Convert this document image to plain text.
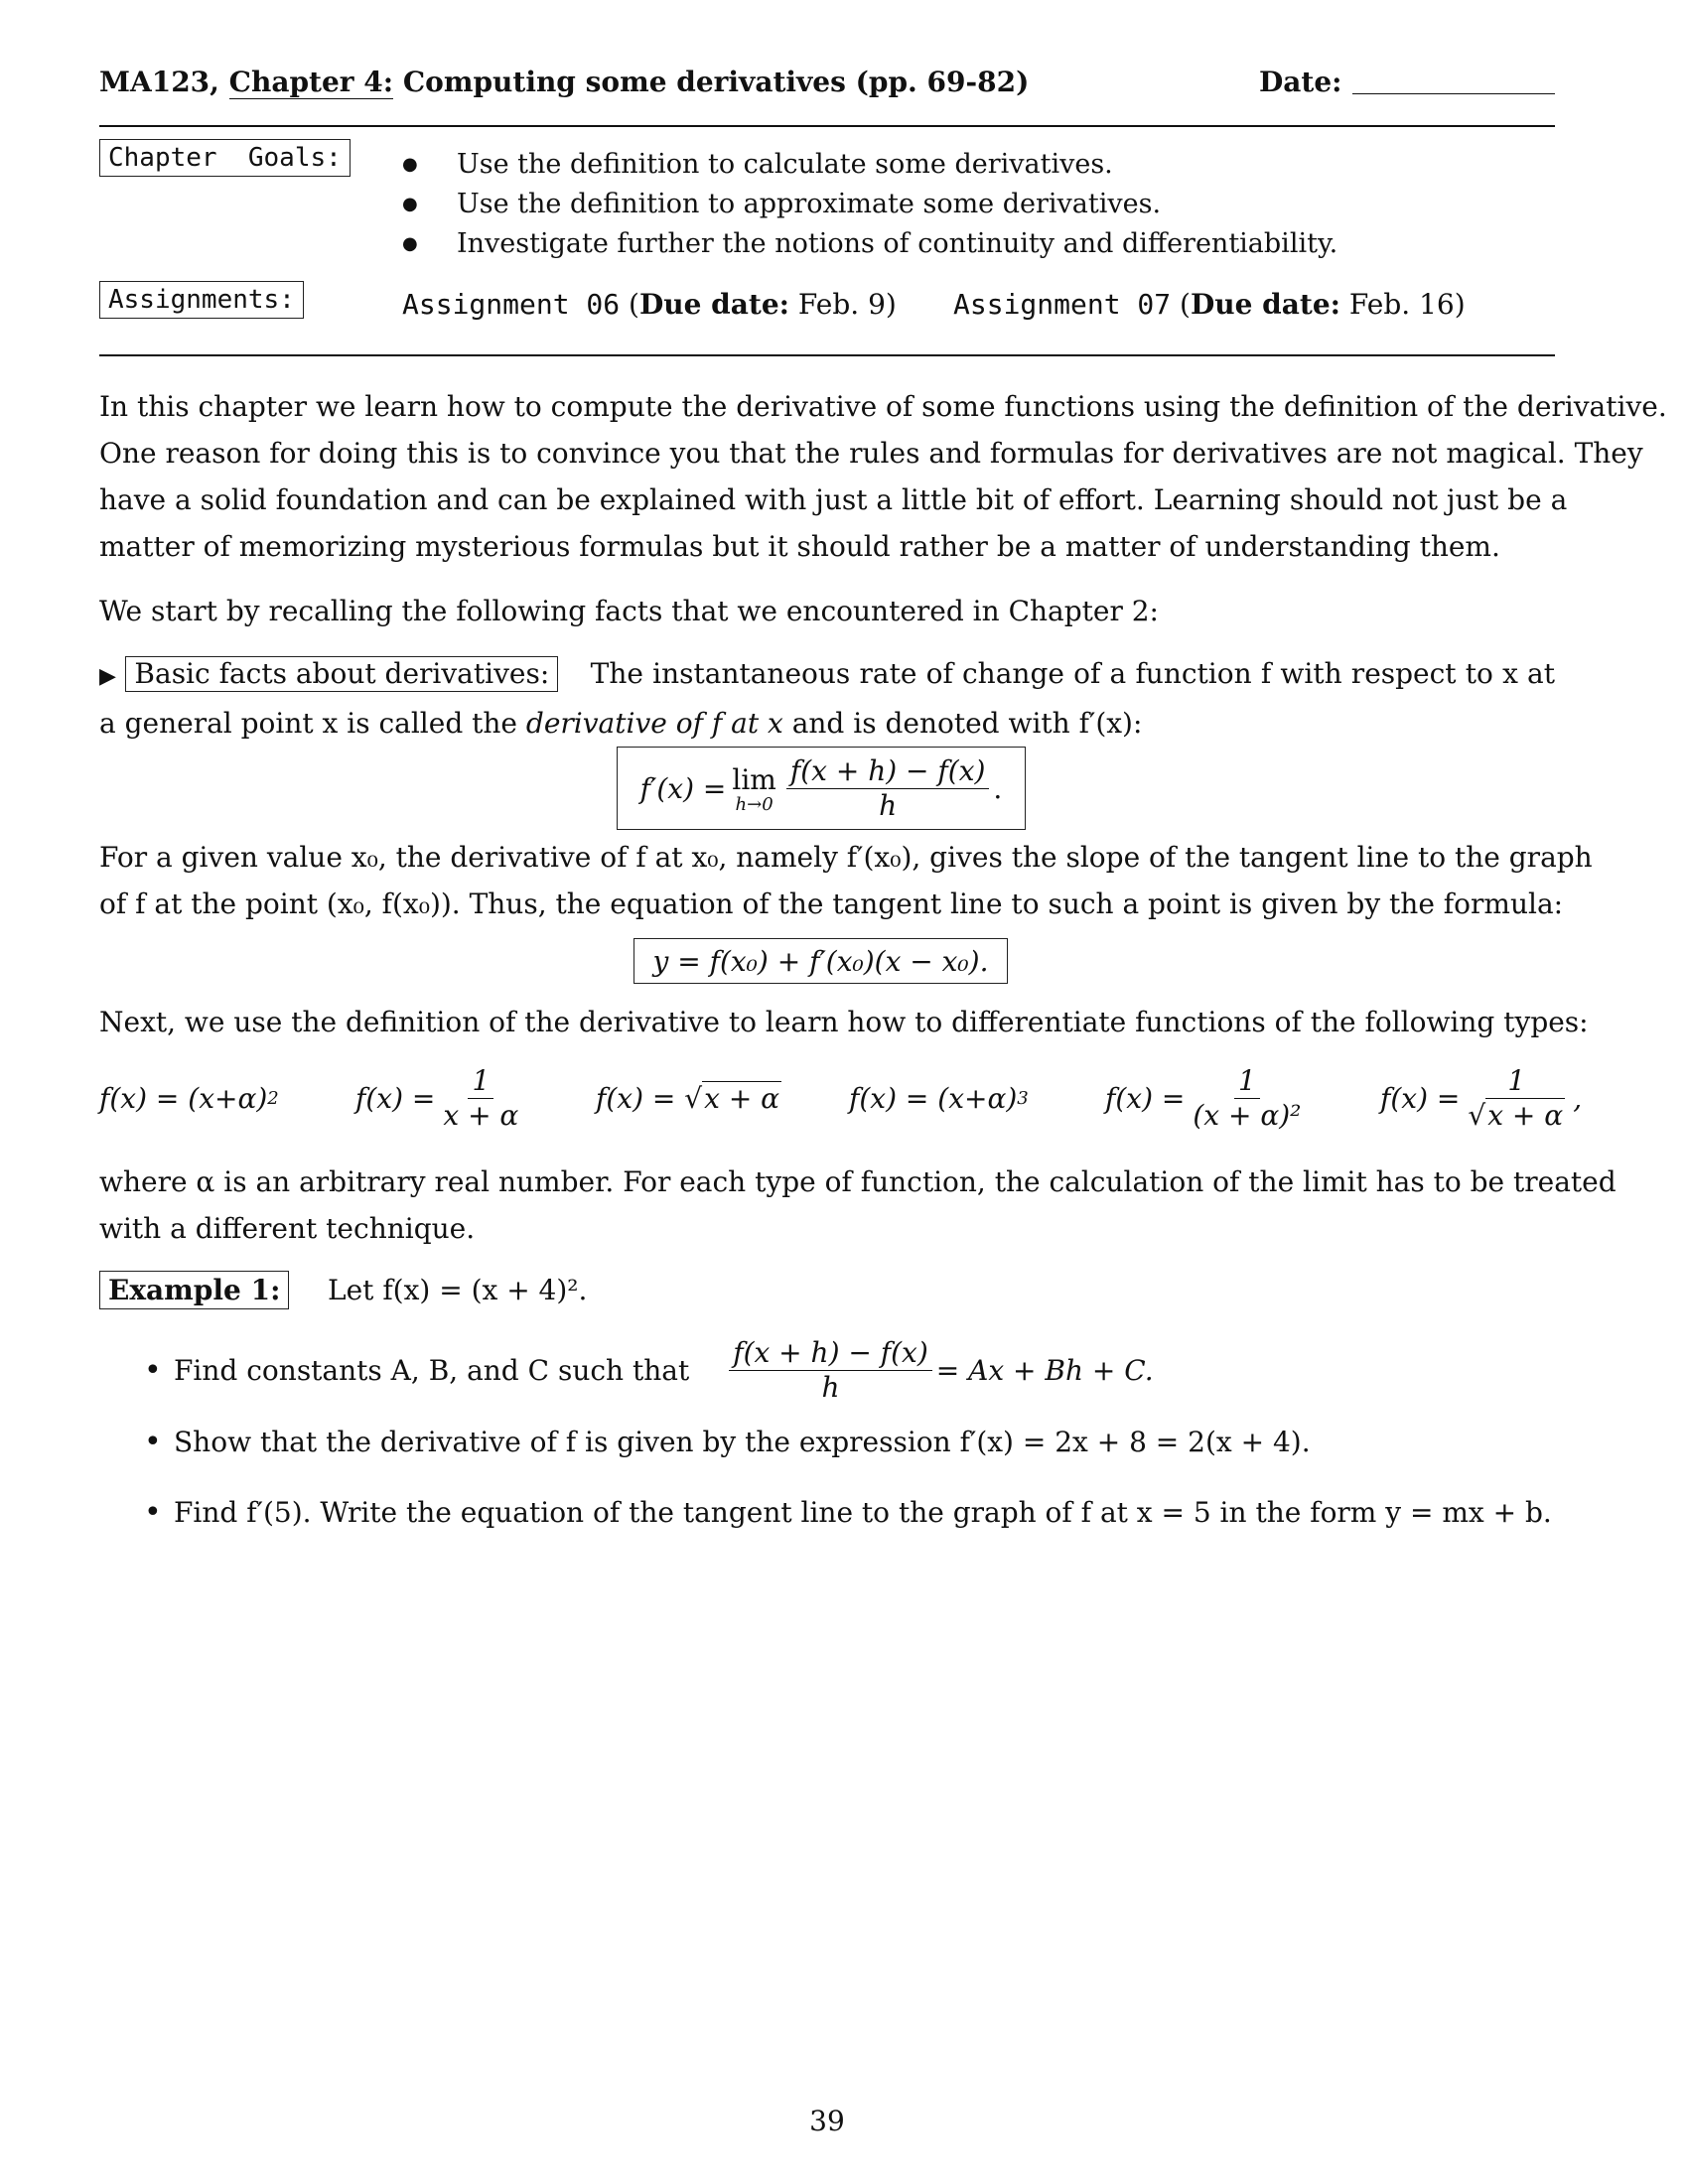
MA123, Chapter 4: Computing some derivatives (pp. 69-82)	Date:
Chapter  Goals:
●	Use the definition to calculate some derivatives.
● Use the definition to approximate some derivatives.
● Investigate further the notions of continuity and differentiability.
Assignments:	Assignment 06 (Due date: Feb. 9) Assignment 07 (Due date: Feb. 16)
In this chapter we learn how to compute the derivative of some functions using the definition of the derivative.
One reason for doing this is to convince you that the rules and formulas for derivatives are not magical. They
have a solid foundation and can be explained with just a little bit of effort. Learning should not just be a
matter of memorizing mysterious formulas but it should rather be a matter of understanding them.
We start by recalling the following facts that we encountered in Chapter 2:
▶ Basic facts about derivatives: The instantaneous rate of change of a function f with respect to x at
a general point x is called the derivative of f at x and is denoted with f′(x):
f′(x) = lim
$h\to 0 \frac{f(x + h) - f(x)}{h}$ .
For a given value x₀, the derivative of f at x₀, namely f′(x₀), gives the slope of the tangent line to the graph
of f at the point (x₀, f(x₀)). Thus, the equation of the tangent line to such a point is given by the formula:
y = f(x₀) + f′(x₀)(x − x₀).
Next, we use the definition of the derivative to learn how to differentiate functions of the following types:
f(x) = (x+α) 2	$f(x) = \frac{1}{x + \alpha}$	f(x) = √ x + α f(x) = (x+α) 3	$f(x) = \frac{1}{\text{(x + α)²}}$	$f(x) = \frac{1}{√x + \alpha}$ ,
where α is an arbitrary real number. For each type of function, the calculation of the limit has to be treated
with a different technique.
Example 1:	Let f(x) = (x + 4)².
• Find constants A, B, and C such that $\frac{f(x + h) - f(x)}{h} = Ax + Bh + C$.
• Show that the derivative of f is given by the expression f′(x) = 2x + 8 = 2(x + 4).
• Find f′(5). Write the equation of the tangent line to the graph of f at x = 5 in the form y = mx + b.
39
